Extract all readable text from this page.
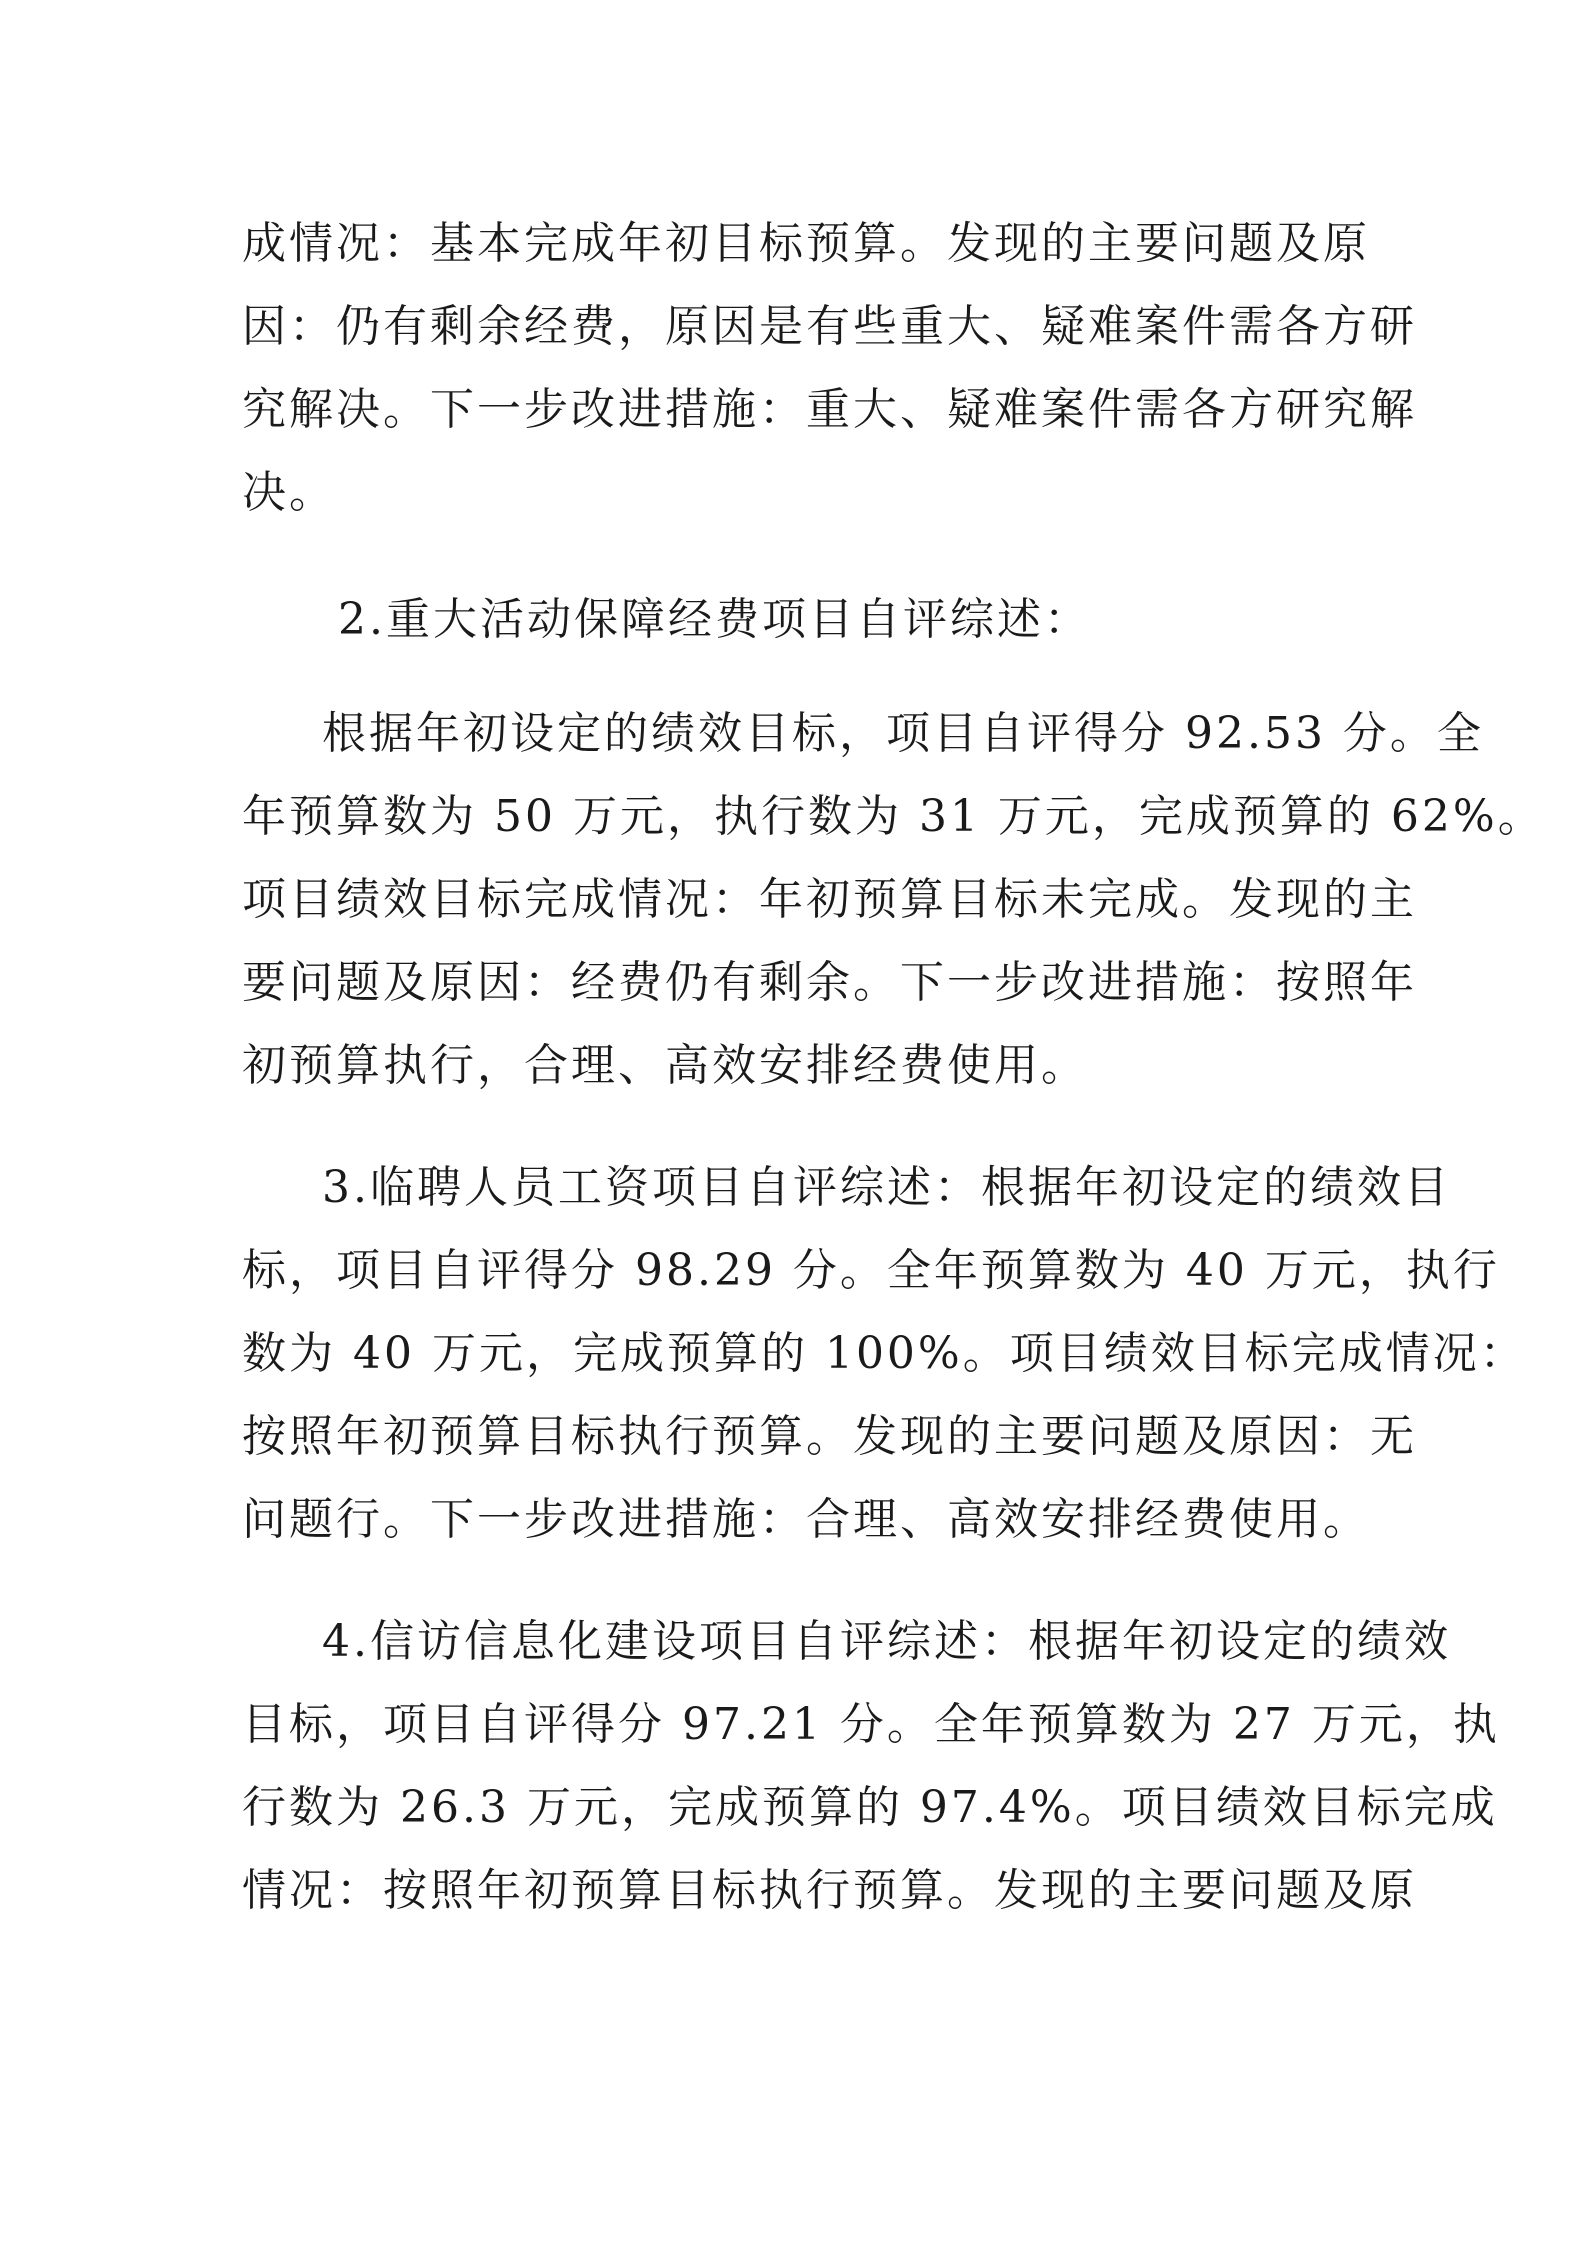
成情况：基本完成年初目标预算。发现的主要问题及原
因：仍有剩余经费，原因是有些重大、疑难案件需各方研
究解决。下一步改进措施：重大、疑难案件需各方研究解
决。
2.重大活动保障经费项目自评综述：
根据年初设定的绩效目标，项目自评得分 92.53 分。全
年预算数为 50 万元，执行数为 31 万元，完成预算的 62%。
项目绩效目标完成情况：年初预算目标未完成。发现的主
要问题及原因：经费仍有剩余。下一步改进措施：按照年
初预算执行，合理、高效安排经费使用。
3.临聘人员工资项目自评综述：根据年初设定的绩效目
标，项目自评得分 98.29 分。全年预算数为 40 万元，执行
数为 40 万元，完成预算的 100%。项目绩效目标完成情况：
按照年初预算目标执行预算。发现的主要问题及原因：无
问题行。下一步改进措施：合理、高效安排经费使用。
4.信访信息化建设项目自评综述：根据年初设定的绩效
目标，项目自评得分 97.21 分。全年预算数为 27 万元，执
行数为 26.3 万元，完成预算的 97.4%。项目绩效目标完成
情况：按照年初预算目标执行预算。发现的主要问题及原
